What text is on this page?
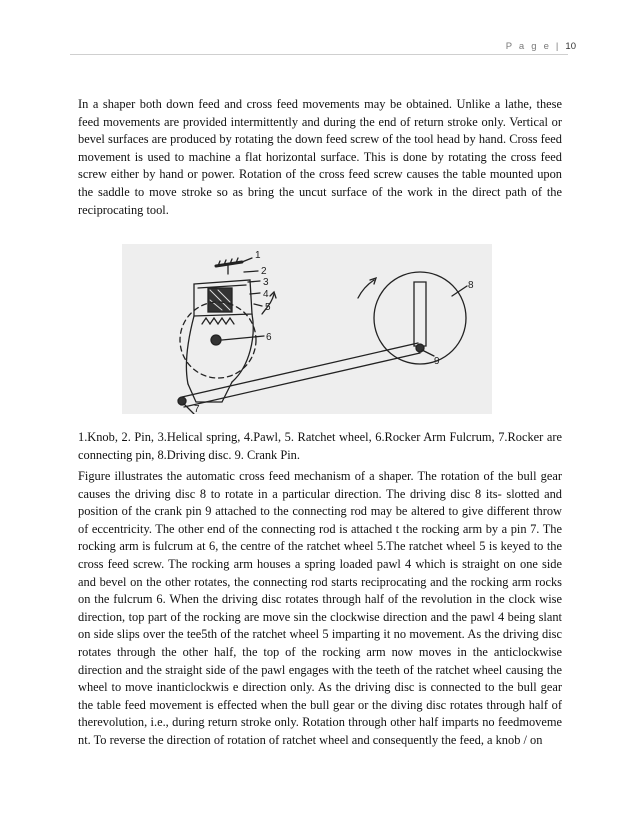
P a g e | 10

In a shaper both down feed and cross feed movements may be obtained. Unlike a lathe, these feed movements are provided intermittently and during the end of return stroke only. Vertical or bevel surfaces are produced by rotating the down feed screw of the tool head by hand. Cross feed movement is used to machine a flat horizontal surface. This is done by rotating the cross feed screw either by hand or power. Rotation of the cross feed screw causes the table mounted upon the saddle to move stroke so as bring the uncut surface of the work in the direct path of the reciprocating tool.

1
2
3
4
5
6
7
8
9

1.Knob, 2. Pin, 3.Helical spring, 4.Pawl, 5. Ratchet wheel, 6.Rocker Arm Fulcrum, 7.Rocker are connecting pin, 8.Driving disc. 9. Crank Pin.

Figure illustrates the automatic cross feed mechanism of a shaper. The rotation of the bull gear causes the driving disc 8 to rotate in a particular direction. The driving disc 8 its- slotted and position of the crank pin 9 attached to the connecting rod may be altered to give different throw of eccentricity. The other end of the connecting rod is attached t the rocking arm by a pin 7. The rocking arm is fulcrum at 6, the centre of the ratchet wheel 5.The ratchet wheel 5 is keyed to the cross feed screw. The rocking arm houses a spring loaded pawl 4 which is straight on one side and bevel on the other rotates, the connecting rod starts reciprocating and the rocking arm rocks on the fulcrum 6. When the driving disc rotates through half of the revolution in the clock wise direction, top part of the rocking are move sin the clockwise direction and the pawl 4 being slant on side slips over the tee5th of the ratchet wheel 5 imparting it no movement. As the driving disc rotates through the other half, the top of the rocking arm now moves in the anticlockwise direction and the straight side of the pawl engages with the teeth of the ratchet wheel causing the wheel to move inanticlockwis e direction only. As the driving disc is connected to the bull gear the table feed movement is effected when the bull gear or the diving disc rotates through half of therevolution, i.e., during return stroke only. Rotation through other half imparts no feedmoveme nt. To reverse the direction of rotation of ratchet wheel and consequently the feed, a knob / on
